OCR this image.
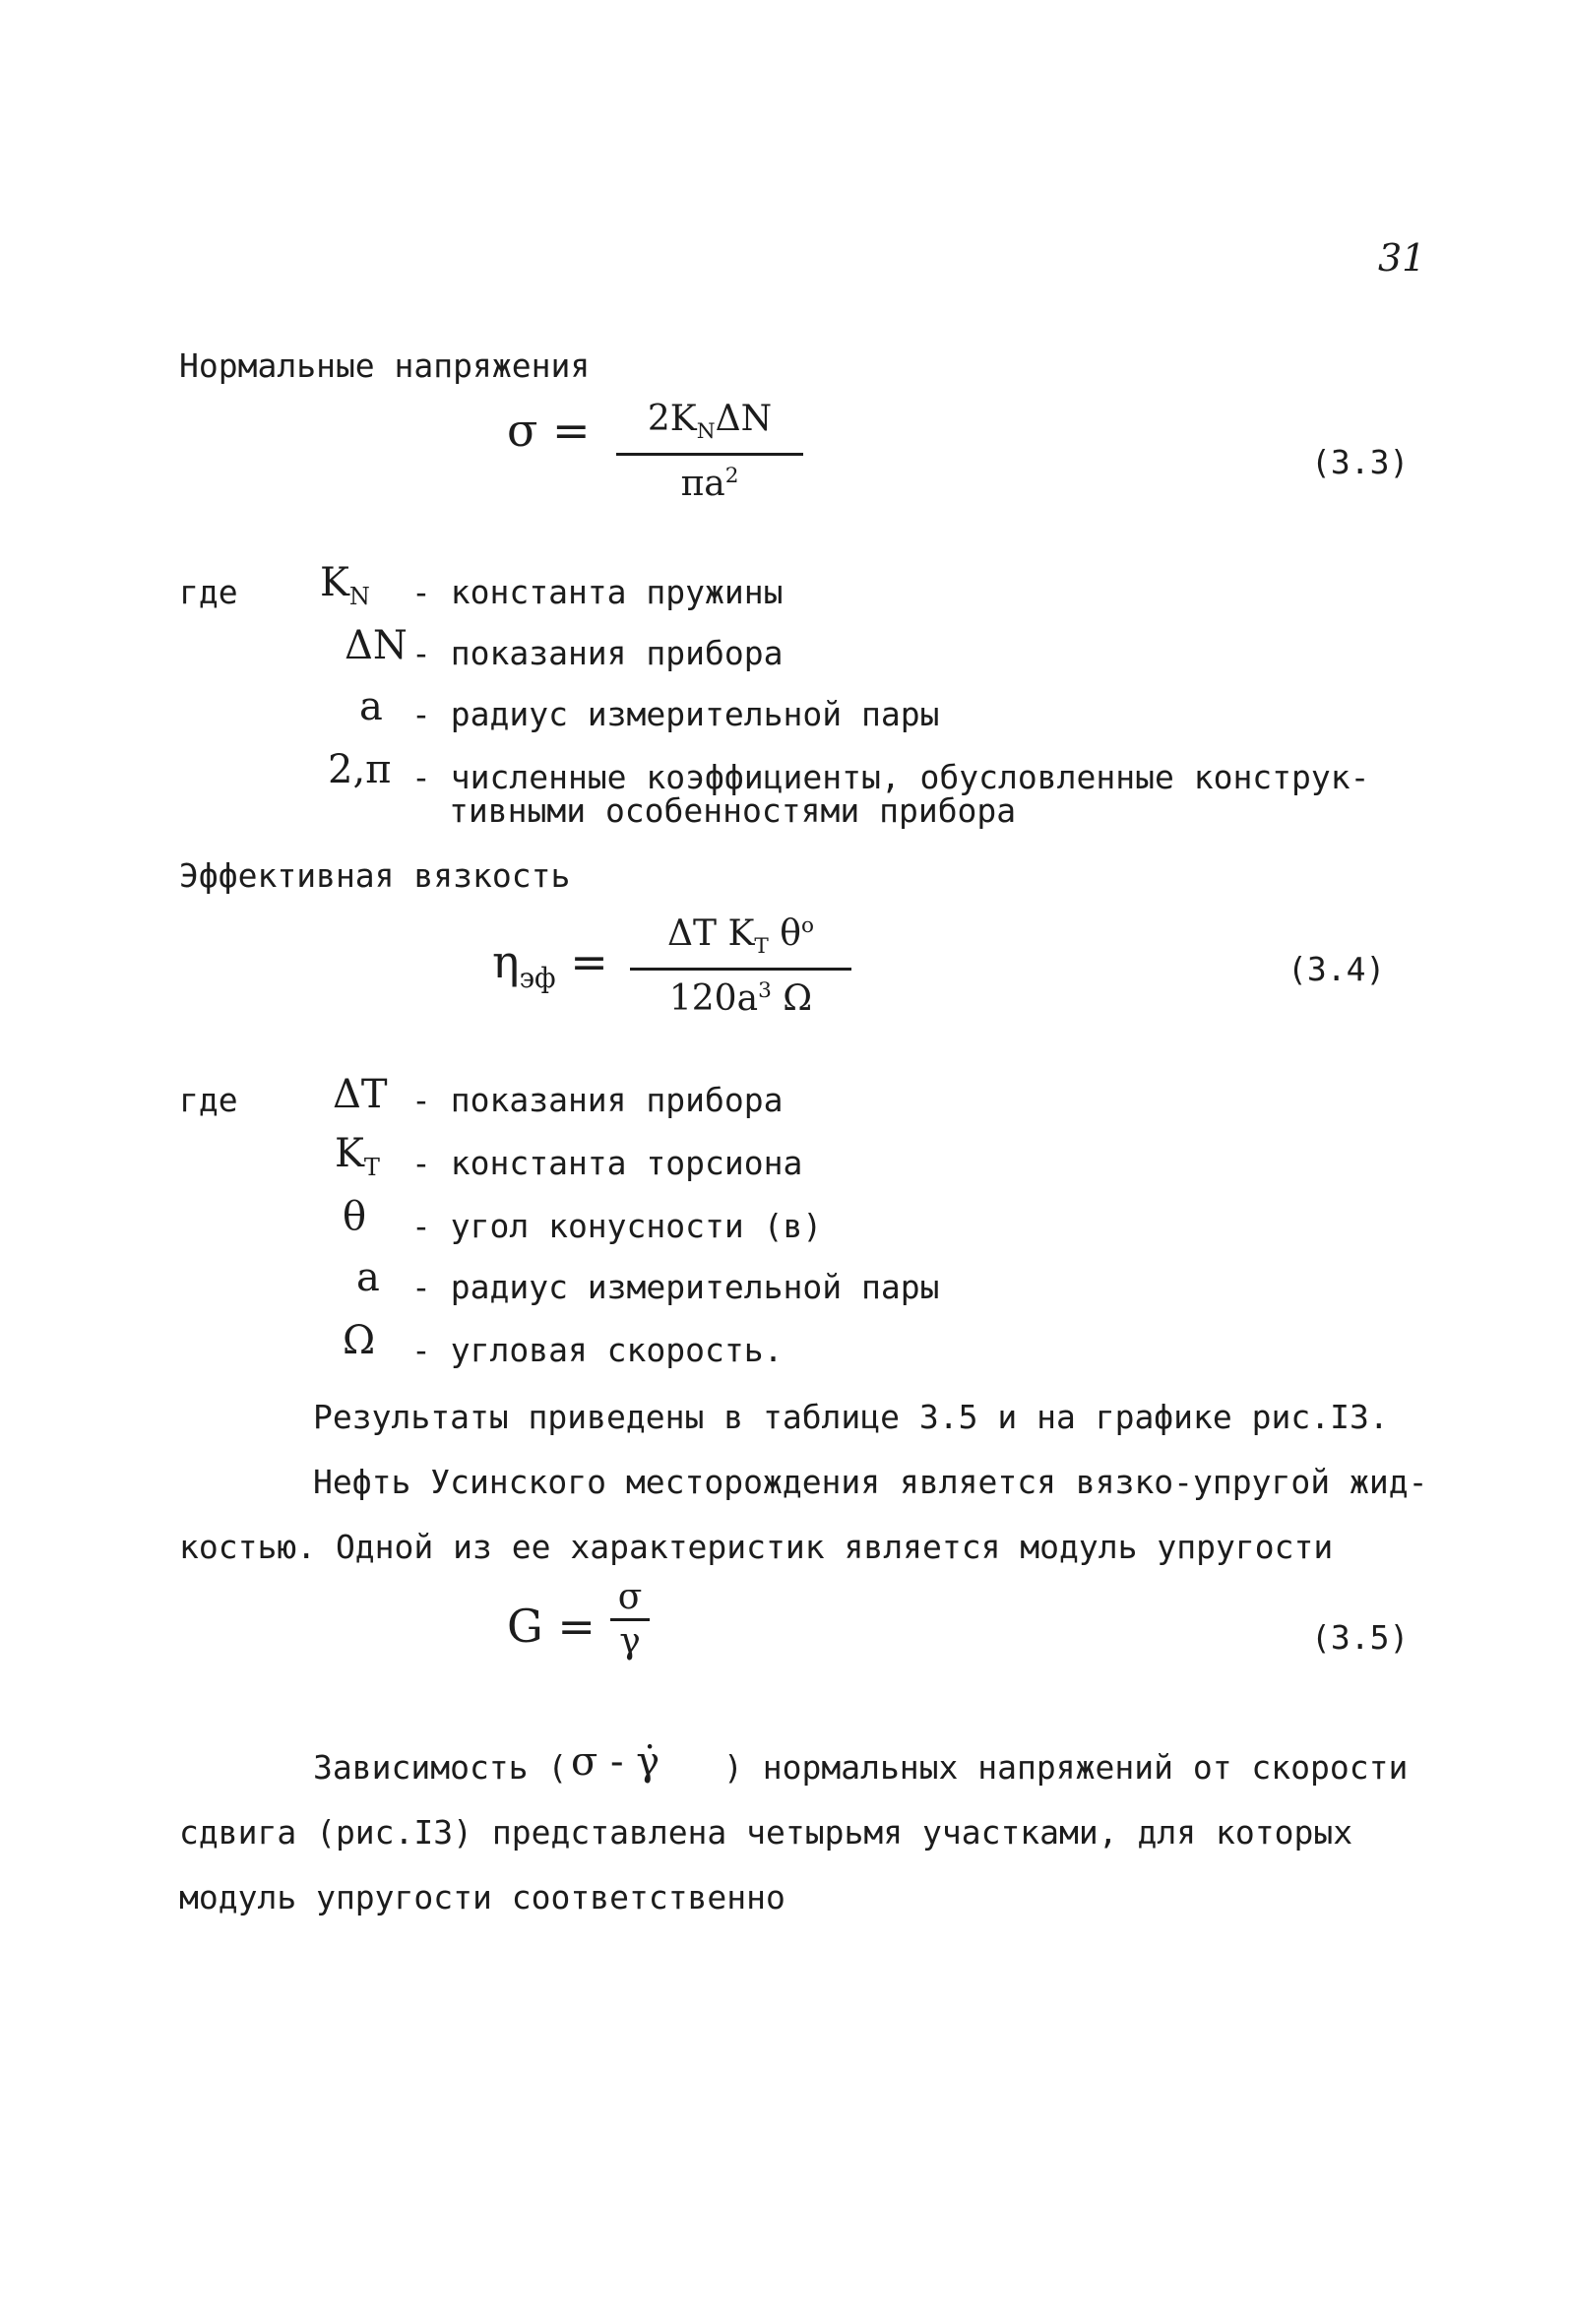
31
Нормальные напряжения
$\sigma = 2K_N\Delta N$
$\pi a^2$	(3.3)
где $K_N$ - константа пружины
ΔN - показания прибора
a - радиус измерительной пары
2,π - численные коэффициенты, обусловленные конструк-
тивными особенностями прибора
Эффективная вязкость
$\eta_{эф}$ =
ΔT $K_T$ $\theta^o$
$120a^3$ Ω
(3.4)
где ΔT - показания прибора
$K_T$ - константа торсиона
θ - угол конусности (в)
a - радиус измерительной пары
Ω - угловая скорость.
Результаты приведены в таблице 3.5 и на графике рис.I3.
Нефть Усинского месторождения является вязко-упругой жид-
костью. Одной из ее характеристик является модуль упругости
G =
σ
γ	(3.5)
Зависимость ( σ - γ̇ ) нормальных напряжений от скорости
сдвига (рис.I3) представлена четырьмя участками, для которых
модуль упругости соответственно
